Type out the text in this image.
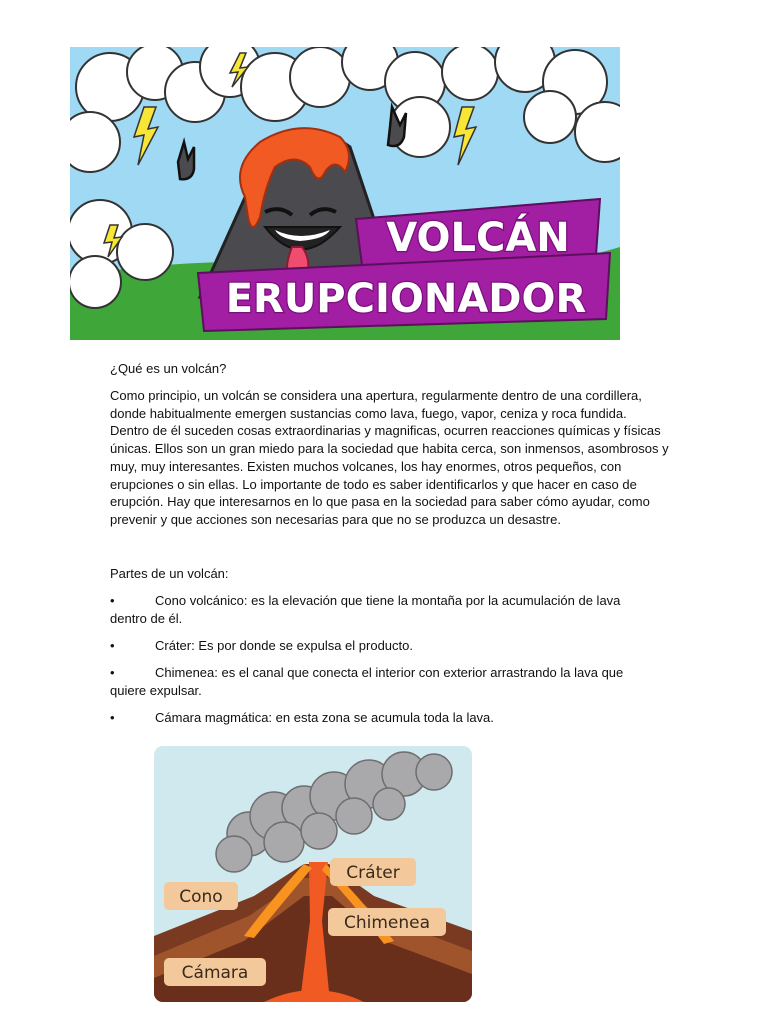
VOLCÁN
ERUPCIONADOR
¿Qué es un volcán?
Como principio, un volcán se considera una apertura, regularmente dentro de una cordillera,
donde habitualmente emergen sustancias como lava, fuego, vapor, ceniza y roca fundida.
Dentro de él suceden cosas extraordinarias y magnificas, ocurren reacciones químicas y físicas
únicas. Ellos son un gran miedo para la sociedad que habita cerca, son inmensos, asombrosos y
muy, muy interesantes. Existen muchos volcanes, los hay enormes, otros pequeños, con
erupciones o sin ellas. Lo importante de todo es saber identificarlos y que hacer en caso de
erupción. Hay que interesarnos en lo que pasa en la sociedad para saber cómo ayudar, como
prevenir y que acciones son necesarias para que no se produzca un desastre.
Partes de un volcán:
•	Cono volcánico: es la elevación que tiene la montaña por la acumulación de lava
dentro de él.
•	Cráter: Es por donde se expulsa el producto.
•	Chimenea: es el canal que conecta el interior con exterior arrastrando la lava que
quiere expulsar.
•	Cámara magmática: en esta zona se acumula toda la lava.
Cráter
Cono
Chimenea
Cámara
